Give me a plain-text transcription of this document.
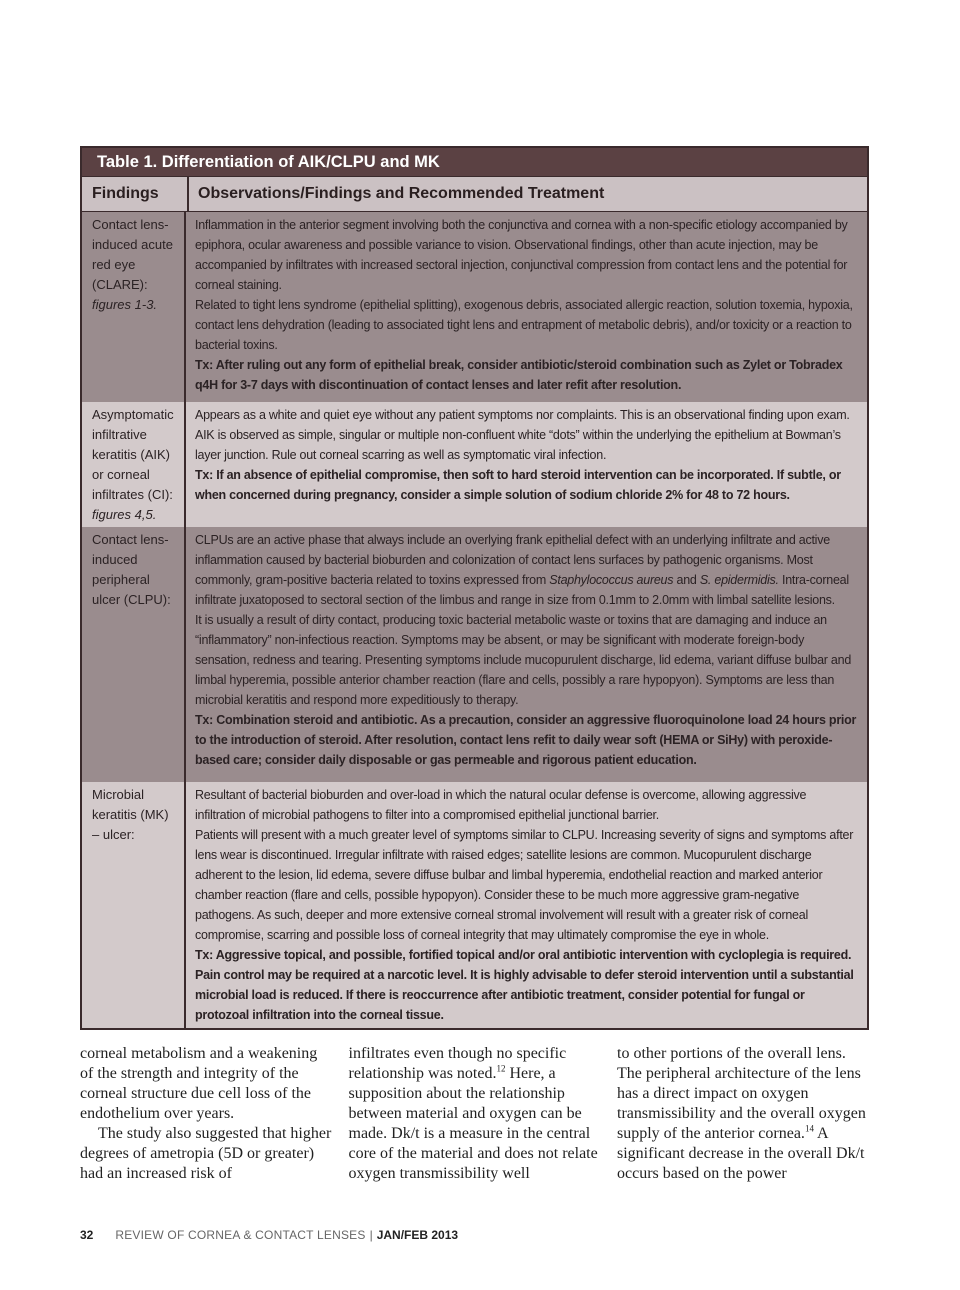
Table 1. Differentiation of AIK/CLPU and MK
Findings	Observations/Findings and Recommended Treatment
Contact lens-induced acute red eye (CLARE):
figures 1-3.

Inflammation in the anterior segment involving both the conjunctiva and cornea with a non-specific etiology accompanied by epiphora, ocular awareness and possible variance to vision. Observational findings, other than acute injection, may be accompanied by infiltrates with increased sectoral injection, conjunctival compression from contact lens and the potential for corneal staining.

Related to tight lens syndrome (epithelial splitting), exogenous debris, associated allergic reaction, solution toxemia, hypoxia, contact lens dehydration (leading to associated tight lens and entrapment of metabolic debris), and/or toxicity or a reaction to bacterial toxins.

Tx: After ruling out any form of epithelial break, consider antibiotic/steroid combination such as Zylet or Tobradex q4H for 3-7 days with discontinuation of contact lenses and later refit after resolution.

Asymptomatic infiltrative keratitis (AIK) or corneal infiltrates (CI):
figures 4,5.

Appears as a white and quiet eye without any patient symptoms nor complaints. This is an observational finding upon exam. AIK is observed as simple, singular or multiple non-confluent white “dots” within the underlying the epithelium at Bowman’s layer junction. Rule out corneal scarring as well as symptomatic viral infection.

Tx: If an absence of epithelial compromise, then soft to hard steroid intervention can be incorporated. If subtle, or when concerned during pregnancy, consider a simple solution of sodium chloride 2% for 48 to 72 hours.

Contact lens-induced peripheral ulcer (CLPU):

CLPUs are an active phase that always include an overlying frank epithelial defect with an underlying infiltrate and active inflammation caused by bacterial bioburden and colonization of contact lens surfaces by pathogenic organisms. Most commonly, gram-positive bacteria related to toxins expressed from Staphylococcus aureus and S. epidermidis. Intra-corneal infiltrate juxatoposed to sectoral section of the limbus and range in size from 0.1mm to 2.0mm with limbal satellite lesions.

It is usually a result of dirty contact, producing toxic bacterial metabolic waste or toxins that are damaging and induce an “inflammatory” non-infectious reaction. Symptoms may be absent, or may be significant with moderate foreign-body sensation, redness and tearing. Presenting symptoms include mucopurulent discharge, lid edema, variant diffuse bulbar and limbal hyperemia, possible anterior chamber reaction (flare and cells, possibly a rare hypopyon). Symptoms are less than microbial keratitis and respond more expeditiously to therapy.

Tx: Combination steroid and antibiotic. As a precaution, consider an aggressive fluoroquinolone load 24 hours prior to the introduction of steroid. After resolution, contact lens refit to daily wear soft (HEMA or SiHy) with peroxide-based care; consider daily disposable or gas permeable and rigorous patient education.

Microbial keratitis (MK) – ulcer:

Resultant of bacterial bioburden and over-load in which the natural ocular defense is overcome, allowing aggressive infiltration of microbial pathogens to filter into a compromised epithelial junctional barrier.

Patients will present with a much greater level of symptoms similar to CLPU. Increasing severity of signs and symptoms after lens wear is discontinued. Irregular infiltrate with raised edges; satellite lesions are common. Mucopurulent discharge adherent to the lesion, lid edema, severe diffuse bulbar and limbal hyperemia, endothelial reaction and marked anterior chamber reaction (flare and cells, possible hypopyon). Consider these to be much more aggressive gram-negative pathogens. As such, deeper and more extensive corneal stromal involvement will result with a greater risk of corneal compromise, scarring and possible loss of corneal integrity that may ultimately compromise the eye in whole.

Tx: Aggressive topical, and possible, fortified topical and/or oral antibiotic intervention with cycloplegia is required. Pain control may be required at a narcotic level. It is highly advisable to defer steroid intervention until a substantial microbial load is reduced. If there is reoccurrence after antibiotic treatment, consider potential for fungal or protozoal infiltration into the corneal tissue.

corneal metabolism and a weakening of the strength and integrity of the corneal structure due cell loss of the endothelium over years.

The study also suggested that higher degrees of ametropia (5D or greater) had an increased risk of

infiltrates even though no specific relationship was noted.$^{12}$ Here, a supposition about the relationship between material and oxygen can be made. Dk/t is a measure in the central core of the material and does not relate oxygen transmissibility well

to other portions of the overall lens. The peripheral architecture of the lens has a direct impact on oxygen transmissibility and the overall oxygen supply of the anterior cornea.$^{14}$ A significant decrease in the overall Dk/t occurs based on the power

32 REVIEW OF CORNEA & CONTACT LENSES | JAN/FEB 2013
